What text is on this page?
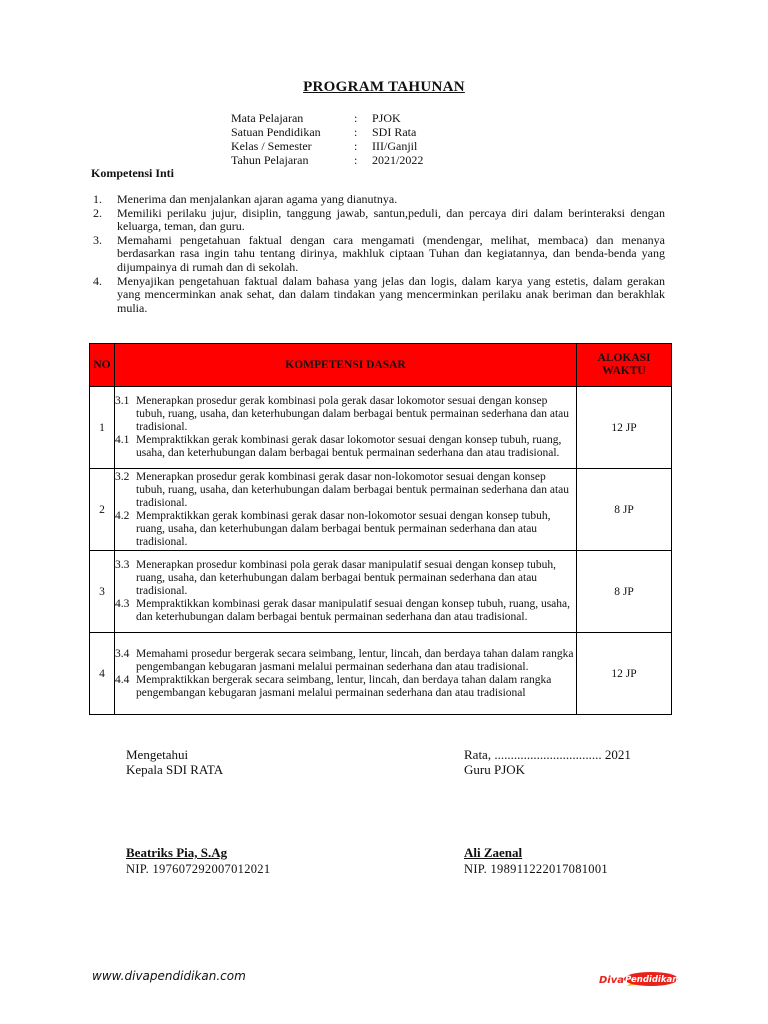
PROGRAM TAHUNAN
Mata Pelajaran	: PJOK
Satuan Pendidikan	: SDI Rata
Kelas / Semester	: III/Ganjil
Tahun Pelajaran	: 2021/2022
Kompetensi Inti
1.	Menerima dan menjalankan ajaran agama yang dianutnya.
2.	Memiliki perilaku jujur, disiplin, tanggung jawab, santun,peduli, dan percaya diri dalam berinteraksi dengan keluarga, teman, dan guru.
3.	Memahami pengetahuan faktual dengan cara mengamati (mendengar, melihat, membaca) dan menanya berdasarkan rasa ingin tahu tentang dirinya, makhluk ciptaan Tuhan dan kegiatannya, dan benda-benda yang dijumpainya di rumah dan di sekolah.
4.	Menyajikan pengetahuan faktual dalam bahasa yang jelas dan logis, dalam karya yang estetis, dalam gerakan yang mencerminkan anak sehat, dan dalam tindakan yang mencerminkan perilaku anak beriman dan berakhlak mulia.
NO	KOMPETENSI DASAR	ALOKASI WAKTU
1	3.1 Menerapkan prosedur gerak kombinasi pola gerak dasar lokomotor sesuai dengan konsep tubuh, ruang, usaha, dan keterhubungan dalam berbagai bentuk permainan sederhana dan atau tradisional.
4.1 Mempraktikkan gerak kombinasi gerak dasar lokomotor sesuai dengan konsep tubuh, ruang, usaha, dan keterhubungan dalam berbagai bentuk permainan sederhana dan atau tradisional.	12 JP
2	3.2 Menerapkan prosedur gerak kombinasi gerak dasar non-lokomotor sesuai dengan konsep tubuh, ruang, usaha, dan keterhubungan dalam berbagai bentuk permainan sederhana dan atau tradisional.
4.2 Mempraktikkan gerak kombinasi gerak dasar non-lokomotor sesuai dengan konsep tubuh, ruang, usaha, dan keterhubungan dalam berbagai bentuk permainan sederhana dan atau tradisional.	8 JP
3	3.3 Menerapkan prosedur kombinasi pola gerak dasar manipulatif sesuai dengan konsep tubuh, ruang, usaha, dan keterhubungan dalam berbagai bentuk permainan sederhana dan atau tradisional.
4.3 Mempraktikkan kombinasi gerak dasar manipulatif sesuai dengan konsep tubuh, ruang, usaha, dan keterhubungan dalam berbagai bentuk permainan sederhana dan atau tradisional.	8 JP
4	3.4 Memahami prosedur bergerak secara seimbang, lentur, lincah, dan berdaya tahan dalam rangka pengembangan kebugaran jasmani melalui permainan sederhana dan atau tradisional.
4.4 Mempraktikkan bergerak secara seimbang, lentur, lincah, dan berdaya tahan dalam rangka pengembangan kebugaran jasmani melalui permainan sederhana dan atau tradisional	12 JP
Mengetahui
Kepala SDI RATA
Rata, ................................. 2021
Guru PJOK
Beatriks Pia, S.Ag
NIP. 197607292007012021
Ali Zaenal
NIP. 198911222017081001
www.divapendidikan.com	Diva Pendidikan
